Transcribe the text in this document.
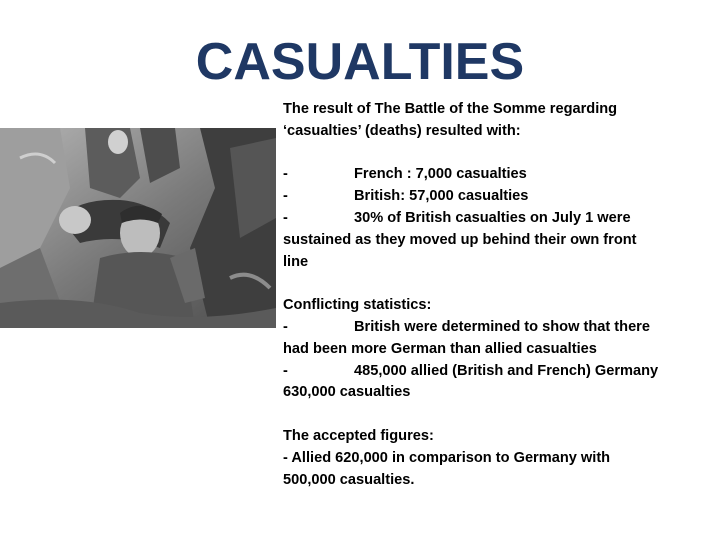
CASUALTIES
The result of The Battle of the Somme regarding
‘casualties’ (deaths) resulted with:
-	French : 7,000 casualties
-	British: 57,000 casualties
-	30% of British casualties on July 1 were
sustained as they moved up behind their own front
line
Conflicting statistics:
-	British were determined to show that there
had been more German than allied casualties
-	485,000 allied (British and French) Germany
630,000 casualties
The accepted figures:
- Allied 620,000 in comparison to Germany with
500,000 casualties.
